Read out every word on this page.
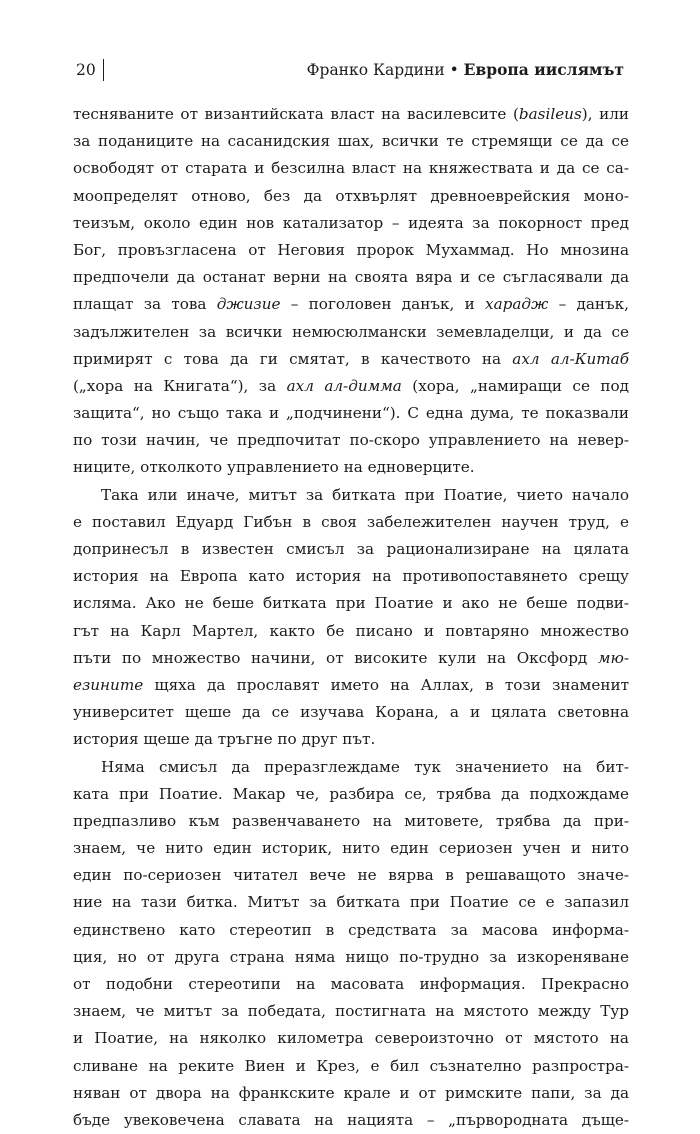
20	Франко Кардини • Европа иислямът
тесняваните от византийската власт на василевсите (basileus), или
за поданиците на сасанидския шах, всички те стремящи се да се
освободят от старата и безсилна власт на княжествата и да се са-
моопределят отново, без да отхвърлят древноеврейския моно-
теизъм, около един нов катализатор – идеята за покорност пред
Бог, провъзгласена от Неговия пророк Мухаммад. Но мнозина
предпочели да останат верни на своята вяра и се съгласявали да
плащат за това джизие – поголовен данък, и харадж – данък,
задължителен за всички немюсюлмански земевладелци, и да се
примирят с това да ги смятат, в качеството на ахл ал-Китаб
(„хора на Книгата“), за ахл ал-димма (хора, „намиращи се под
защита“, но също така и „подчинени“). С една дума, те показвали
по този начин, че предпочитат по-скоро управлението на невер-
ниците, отколкото управлението на едноверците.
Така или иначе, митът за битката при Поатие, чието начало
е поставил Едуард Гибън в своя забележителен научен труд, е
допринесъл в известен смисъл за рационализиране на цялата
история на Европа като история на противопоставянето срещу
исляма. Ако не беше битката при Поатие и ако не беше подви-
гът на Карл Мартел, както бе писано и повтаряно множество
пъти по множество начини, от високите кули на Оксфорд мю-
езините щяха да прославят името на Аллах, в този знаменит
университет щеше да се изучава Корана, а и цялата световна
история щеше да тръгне по друг път.
Няма смисъл да преразглеждаме тук значението на бит-
ката при Поатие. Макар че, разбира се, трябва да подхождаме
предпазливо към развенчаването на митовете, трябва да при-
знаем, че нито един историк, нито един сериозен учен и нито
един по-сериозен читател вече не вярва в решаващото значе-
ние на тази битка. Митът за битката при Поатие се е запазил
единствено като стереотип в средствата за масова информа-
ция, но от друга страна няма нищо по-трудно за изкореняване
от подобни стереотипи на масовата информация. Прекрасно
знаем, че митът за победата, постигната на мястото между Тур
и Поатие, на няколко километра североизточно от мястото на
сливане на реките Виен и Крез, е бил съзнателно разпростра-
няван от двора на франкските крале и от римските папи, за да
бъде увековечена славата на нацията – „първородната дъще-
